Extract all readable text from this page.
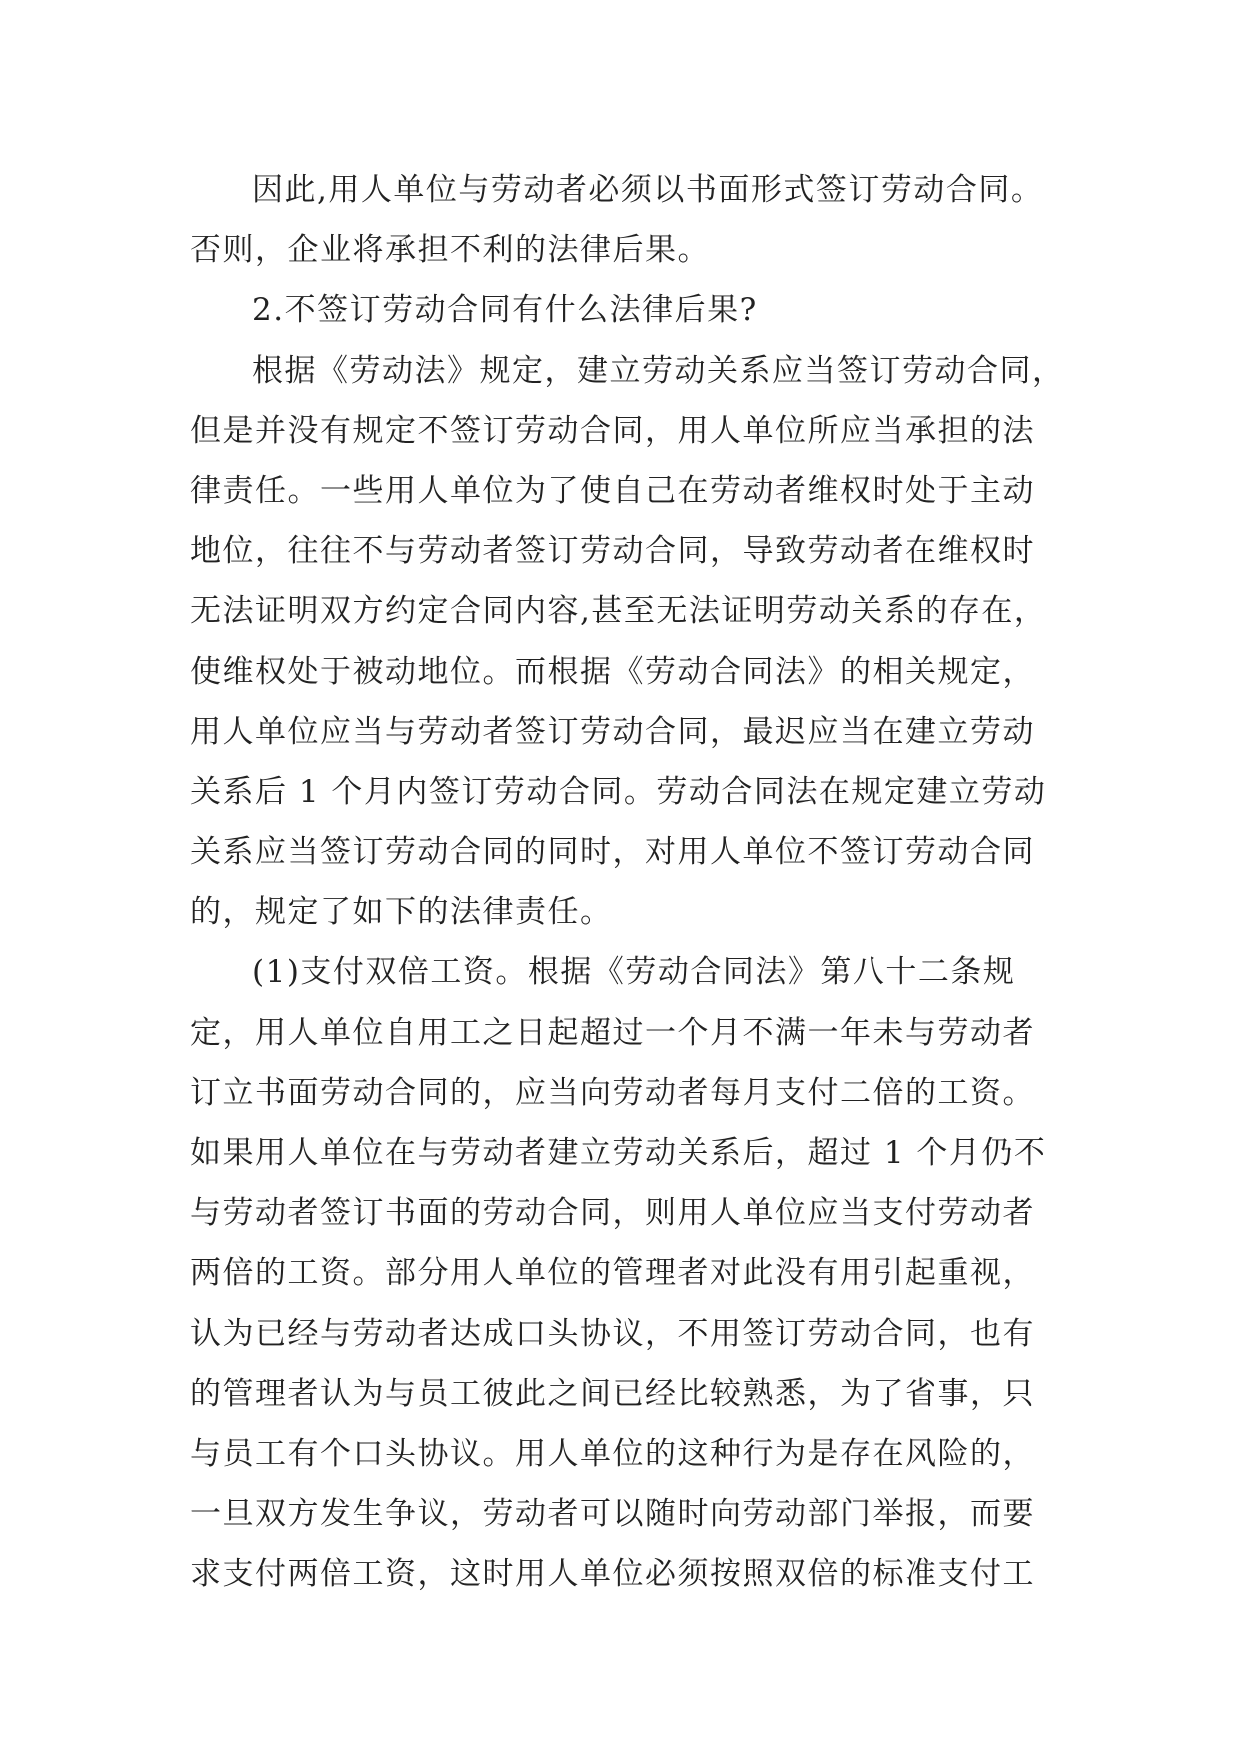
因此,用人单位与劳动者必须以书面形式签订劳动合同。
否则，企业将承担不利的法律后果。
2.不签订劳动合同有什么法律后果?
根据《劳动法》规定，建立劳动关系应当签订劳动合同，
但是并没有规定不签订劳动合同，用人单位所应当承担的法
律责任。一些用人单位为了使自己在劳动者维权时处于主动
地位，往往不与劳动者签订劳动合同，导致劳动者在维权时
无法证明双方约定合同内容,甚至无法证明劳动关系的存在，
使维权处于被动地位。而根据《劳动合同法》的相关规定，
用人单位应当与劳动者签订劳动合同，最迟应当在建立劳动
关系后 1 个月内签订劳动合同。劳动合同法在规定建立劳动
关系应当签订劳动合同的同时，对用人单位不签订劳动合同
的，规定了如下的法律责任。
(1)支付双倍工资。根据《劳动合同法》第八十二条规
定，用人单位自用工之日起超过一个月不满一年未与劳动者
订立书面劳动合同的，应当向劳动者每月支付二倍的工资。
如果用人单位在与劳动者建立劳动关系后，超过 1 个月仍不
与劳动者签订书面的劳动合同，则用人单位应当支付劳动者
两倍的工资。部分用人单位的管理者对此没有用引起重视，
认为已经与劳动者达成口头协议，不用签订劳动合同，也有
的管理者认为与员工彼此之间已经比较熟悉，为了省事，只
与员工有个口头协议。用人单位的这种行为是存在风险的，
一旦双方发生争议，劳动者可以随时向劳动部门举报，而要
求支付两倍工资，这时用人单位必须按照双倍的标准支付工
